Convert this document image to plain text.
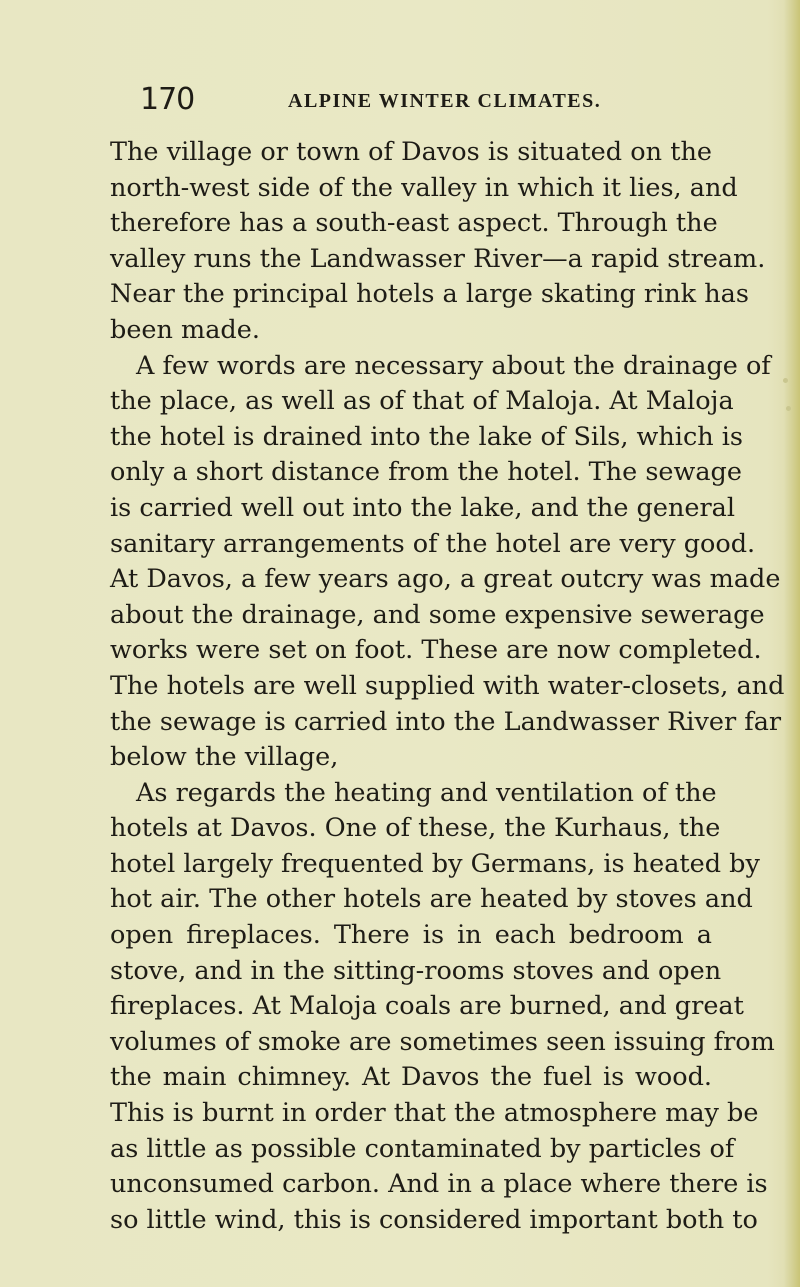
170	ALPINE WINTER CLIMATES.
The village or town of Davos is situated on the
north-west side of the valley in which it lies, and
therefore has a south-east aspect. Through the
valley runs the Landwasser River—a rapid stream.
Near the principal hotels a large skating rink has
been made.
A few words are necessary about the drainage of
the place, as well as of that of Maloja. At Maloja
the hotel is drained into the lake of Sils, which is
only a short distance from the hotel. The sewage
is carried well out into the lake, and the general
sanitary arrangements of the hotel are very good.
At Davos, a few years ago, a great outcry was made
about the drainage, and some expensive sewerage
works were set on foot. These are now completed.
The hotels are well supplied with water-closets, and
the sewage is carried into the Landwasser River far
below the village,
As regards the heating and ventilation of the
hotels at Davos. One of these, the Kurhaus, the
hotel largely frequented by Germans, is heated by
hot air. The other hotels are heated by stoves and
open fireplaces. There is in each bedroom a
stove, and in the sitting-rooms stoves and open
fireplaces. At Maloja coals are burned, and great
volumes of smoke are sometimes seen issuing from
the main chimney. At Davos the fuel is wood.
This is burnt in order that the atmosphere may be
as little as possible contaminated by particles of
unconsumed carbon. And in a place where there is
so little wind, this is considered important both to
